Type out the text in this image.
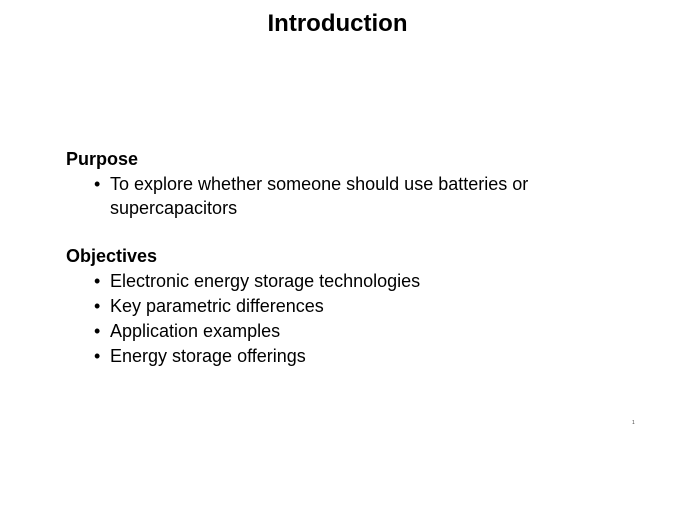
Introduction
Purpose
• To explore whether someone should use batteries or supercapacitors
Objectives
• Electronic energy storage technologies
• Key parametric differences
• Application examples
• Energy storage offerings
1
